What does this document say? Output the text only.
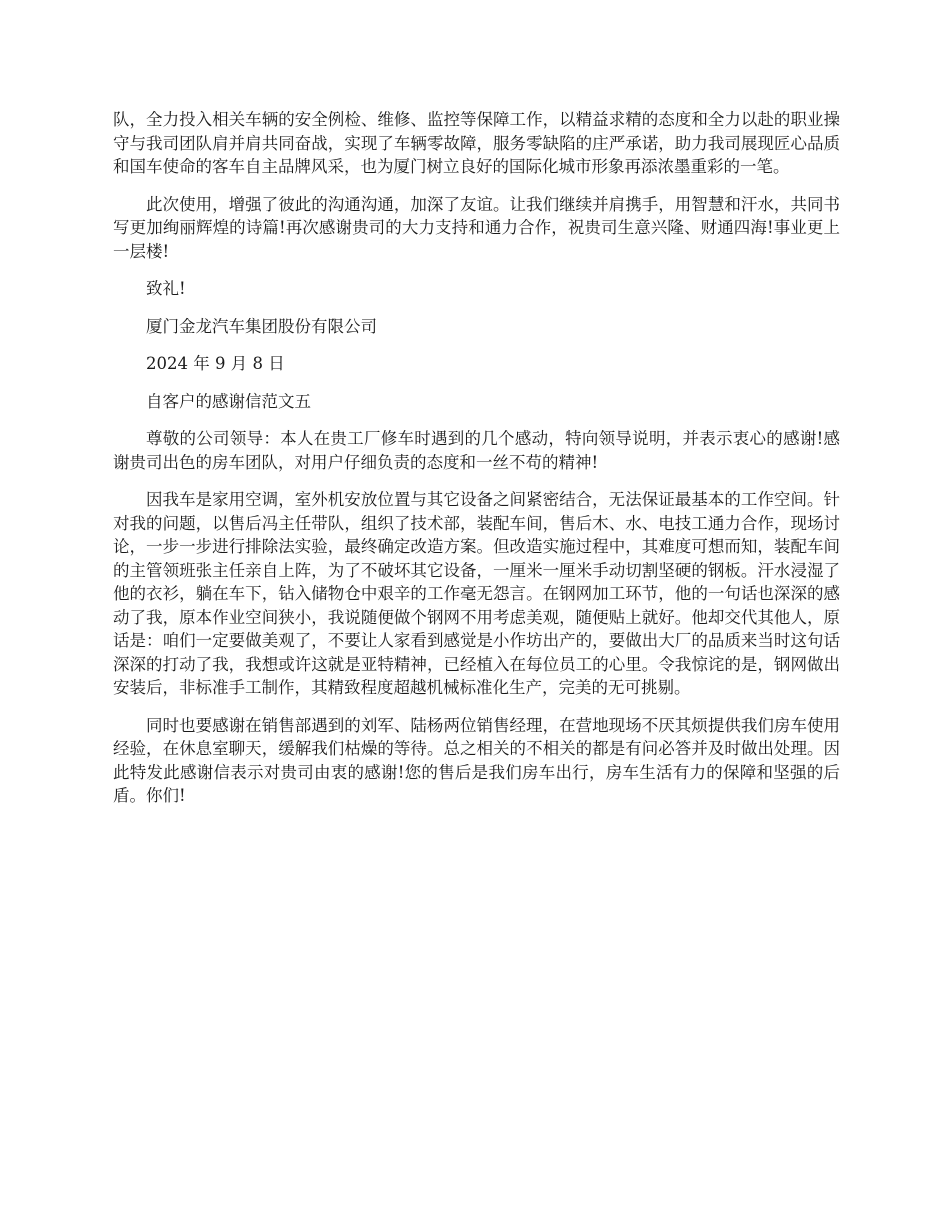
队，全力投入相关车辆的安全例检、维修、监控等保障工作，以精益求精的态度和全力以赴的职业操守与我司团队肩并肩共同奋战，实现了车辆零故障，服务零缺陷的庄严承诺，助力我司展现匠心品质和国车使命的客车自主品牌风采，也为厦门树立良好的国际化城市形象再添浓墨重彩的一笔。

此次使用，增强了彼此的沟通沟通，加深了友谊。让我们继续并肩携手，用智慧和汗水，共同书写更加绚丽辉煌的诗篇!再次感谢贵司的大力支持和通力合作，祝贵司生意兴隆、财通四海!事业更上一层楼!

致礼!

厦门金龙汽车集团股份有限公司

2024 年 9 月 8 日

自客户的感谢信范文五

尊敬的公司领导：本人在贵工厂修车时遇到的几个感动，特向领导说明，并表示衷心的感谢!感谢贵司出色的房车团队，对用户仔细负责的态度和一丝不苟的精神!

因我车是家用空调，室外机安放位置与其它设备之间紧密结合，无法保证最基本的工作空间。针对我的问题，以售后冯主任带队，组织了技术部，装配车间，售后木、水、电技工通力合作，现场讨论，一步一步进行排除法实验，最终确定改造方案。但改造实施过程中，其难度可想而知，装配车间的主管领班张主任亲自上阵，为了不破坏其它设备，一厘米一厘米手动切割坚硬的钢板。汗水浸湿了他的衣衫，躺在车下，钻入储物仓中艰辛的工作毫无怨言。在钢网加工环节，他的一句话也深深的感动了我，原本作业空间狭小，我说随便做个钢网不用考虑美观，随便贴上就好。他却交代其他人，原话是：咱们一定要做美观了，不要让人家看到感觉是小作坊出产的，要做出大厂的品质来当时这句话深深的打动了我，我想或许这就是亚特精神，已经植入在每位员工的心里。令我惊诧的是，钢网做出安装后，非标准手工制作，其精致程度超越机械标准化生产，完美的无可挑剔。

同时也要感谢在销售部遇到的刘军、陆杨两位销售经理，在营地现场不厌其烦提供我们房车使用经验，在休息室聊天，缓解我们枯燥的等待。总之相关的不相关的都是有问必答并及时做出处理。因此特发此感谢信表示对贵司由衷的感谢!您的售后是我们房车出行，房车生活有力的保障和坚强的后盾。你们!
